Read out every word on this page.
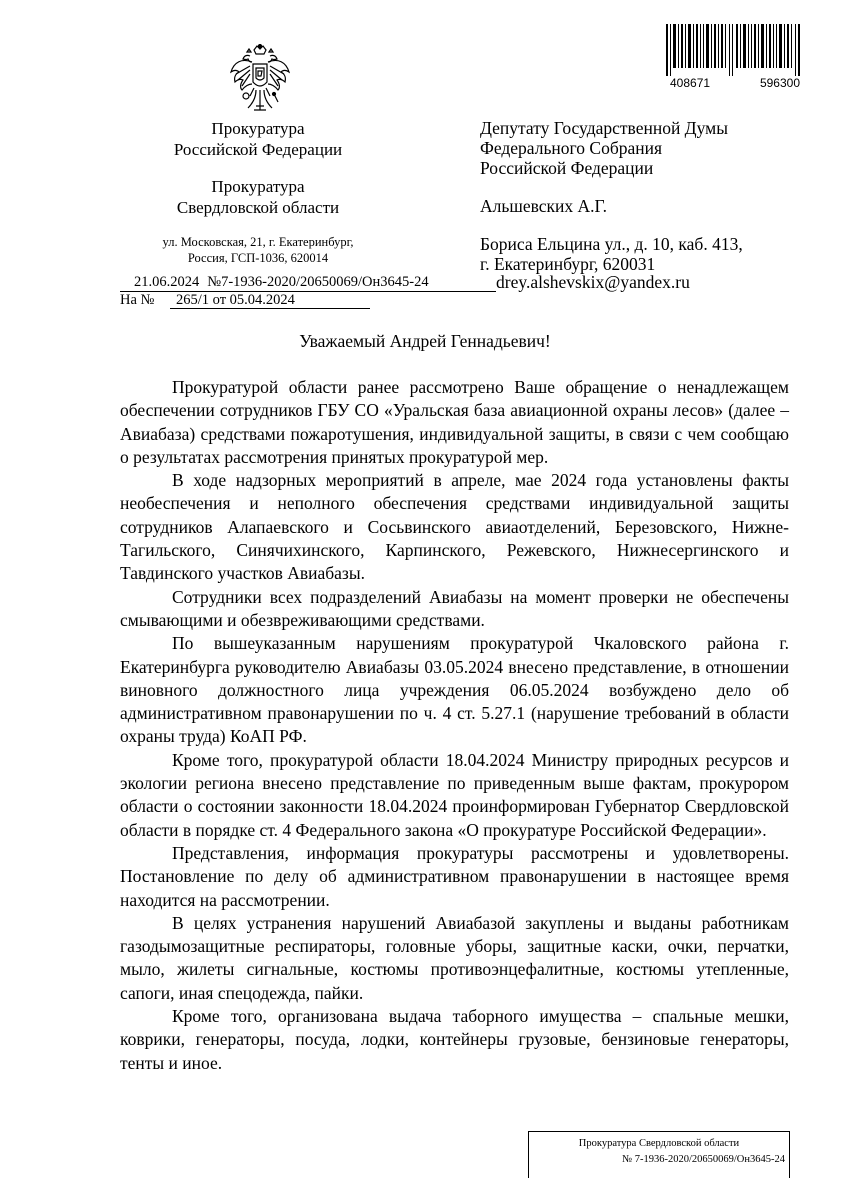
408671	596300
Прокуратура
Российской Федерации
Прокуратура
Свердловской области
ул. Московская, 21, г. Екатеринбург,
Россия, ГСП-1036, 620014
21.06.2024 №7-1936-2020/20650069/Он3645-24
На №	265/1 от 05.04.2024
Депутату Государственной Думы
Федерального Собрания
Российской Федерации
Альшевских А.Г.
Бориса Ельцина ул., д. 10, каб. 413,
г. Екатеринбург, 620031
drey.alshevskix@yandex.ru
Уважаемый Андрей Геннадьевич!

Прокуратурой области ранее рассмотрено Ваше обращение о ненадлежащем обеспечении сотрудников ГБУ СО «Уральская база авиационной охраны лесов» (далее – Авиабаза) средствами пожаротушения, индивидуальной защиты, в связи с чем сообщаю о результатах рассмотрения принятых прокуратурой мер.

В ходе надзорных мероприятий в апреле, мае 2024 года установлены факты необеспечения и неполного обеспечения средствами индивидуальной защиты сотрудников Алапаевского и Сосьвинского авиаотделений, Березовского, Нижне-Тагильского, Синячихинского, Карпинского, Режевского, Нижнесергинского и Тавдинского участков Авиабазы.

Сотрудники всех подразделений Авиабазы на момент проверки не обеспечены смывающими и обезвреживающими средствами.

По вышеуказанным нарушениям прокуратурой Чкаловского района г. Екатеринбурга руководителю Авиабазы 03.05.2024 внесено представление, в отношении виновного должностного лица учреждения 06.05.2024 возбуждено дело об административном правонарушении по ч. 4 ст. 5.27.1 (нарушение требований в области охраны труда) КоАП РФ.

Кроме того, прокуратурой области 18.04.2024 Министру природных ресурсов и экологии региона внесено представление по приведенным выше фактам, прокурором области о состоянии законности 18.04.2024 проинформирован Губернатор Свердловской области в порядке ст. 4 Федерального закона «О прокуратуре Российской Федерации».

Представления, информация прокуратуры рассмотрены и удовлетворены. Постановление по делу об административном правонарушении в настоящее время находится на рассмотрении.

В целях устранения нарушений Авиабазой закуплены и выданы работникам газодымозащитные респираторы, головные уборы, защитные каски, очки, перчатки, мыло, жилеты сигнальные, костюмы противоэнцефалитные, костюмы утепленные, сапоги, иная спецодежда, пайки.

Кроме того, организована выдача таборного имущества – спальные мешки, коврики, генераторы, посуда, лодки, контейнеры грузовые, бензиновые генераторы, тенты и иное.

Прокуратура Свердловской области
№ 7-1936-2020/20650069/Он3645-24
